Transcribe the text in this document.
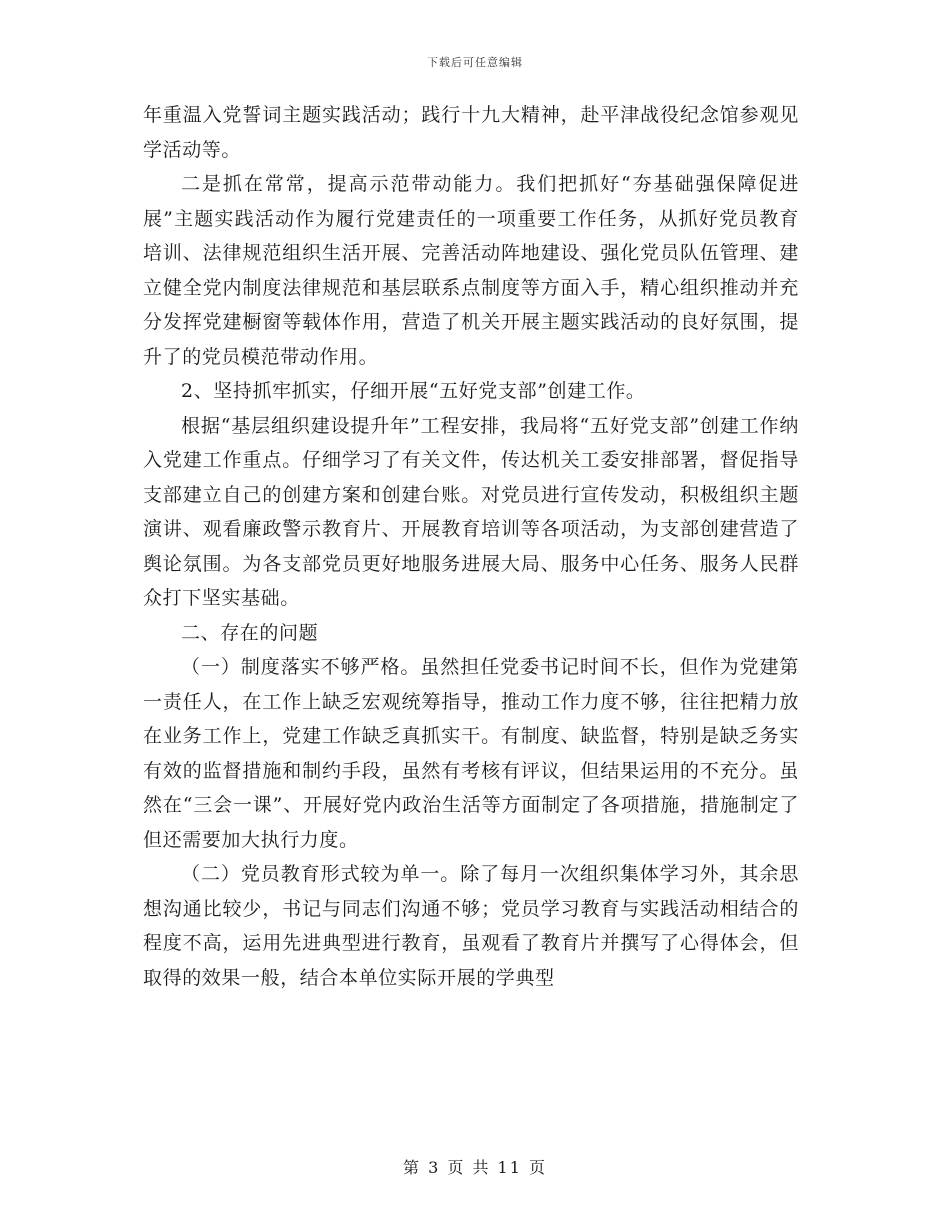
下载后可任意编辑

年重温入党誓词主题实践活动；践行十九大精神，赴平津战役纪念馆参观见学活动等。

二是抓在常常，提高示范带动能力。我们把抓好“夯基础强保障促进展”主题实践活动作为履行党建责任的一项重要工作任务，从抓好党员教育培训、法律规范组织生活开展、完善活动阵地建设、强化党员队伍管理、建立健全党内制度法律规范和基层联系点制度等方面入手，精心组织推动并充分发挥党建橱窗等载体作用，营造了机关开展主题实践活动的良好氛围，提升了的党员模范带动作用。

2、坚持抓牢抓实，仔细开展“五好党支部”创建工作。

根据“基层组织建设提升年”工程安排，我局将“五好党支部”创建工作纳入党建工作重点。仔细学习了有关文件，传达机关工委安排部署，督促指导支部建立自己的创建方案和创建台账。对党员进行宣传发动，积极组织主题演讲、观看廉政警示教育片、开展教育培训等各项活动，为支部创建营造了舆论氛围。为各支部党员更好地服务进展大局、服务中心任务、服务人民群众打下坚实基础。

二、存在的问题

（一）制度落实不够严格。虽然担任党委书记时间不长，但作为党建第一责任人，在工作上缺乏宏观统筹指导，推动工作力度不够，往往把精力放在业务工作上，党建工作缺乏真抓实干。有制度、缺监督，特别是缺乏务实有效的监督措施和制约手段，虽然有考核有评议，但结果运用的不充分。虽然在“三会一课”、开展好党内政治生活等方面制定了各项措施，措施制定了但还需要加大执行力度。

（二）党员教育形式较为单一。除了每月一次组织集体学习外，其余思想沟通比较少，书记与同志们沟通不够；党员学习教育与实践活动相结合的程度不高，运用先进典型进行教育，虽观看了教育片并撰写了心得体会，但取得的效果一般，结合本单位实际开展的学典型

第 3 页 共 11 页
